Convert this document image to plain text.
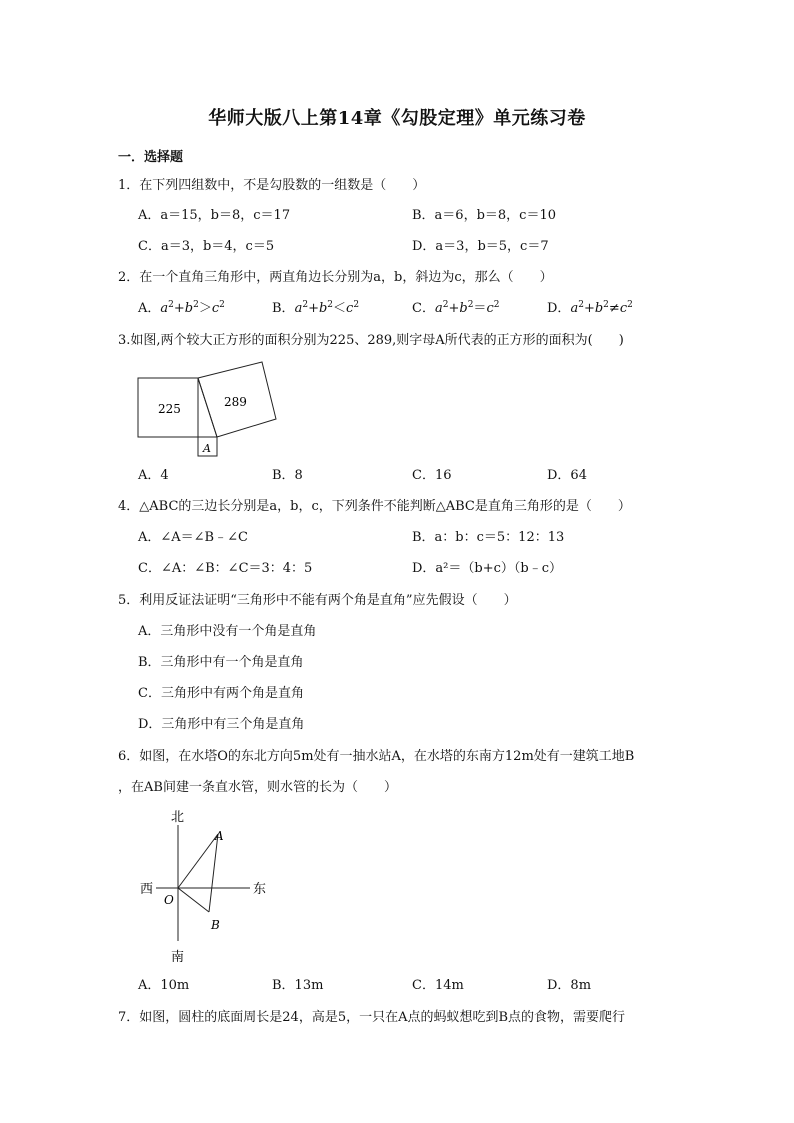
华师大版八上第14章《勾股定理》单元练习卷
一．选择题
1．在下列四组数中，不是勾股数的一组数是（　　）
A．a＝15，b＝8，c＝17	B．a＝6，b＝8，c＝10
C．a＝3，b＝4，c＝5	D．a＝3，b＝5，c＝7
2．在一个直角三角形中，两直角边长分别为a，b，斜边为c，那么（　　）
A．$a^2+b^2>c^2$	B．$a^2+b^2<c^2$	C．$a^2+b^2=c^2$	D．$a^2+b^2\ne c^2$
3.如图,两个较大正方形的面积分别为225、289,则字母A所代表的正方形的面积为(　　)
225	289
A
A．4	B．8	C．16	D．64
4．△ABC的三边长分别是a，b，c，下列条件不能判断△ABC是直角三角形的是（　　）
A．∠A＝∠B﹣∠C	B．a：b：c＝5：12：13
C．∠A：∠B：∠C＝3：4：5	D．a²＝（b+c）（b﹣c）
5．利用反证法证明“三角形中不能有两个角是直角”应先假设（　　）
A．三角形中没有一个角是直角
B．三角形中有一个角是直角
C．三角形中有两个角是直角
D．三角形中有三个角是直角
6．如图，在水塔O的东北方向5m处有一抽水站A，在水塔的东南方12m处有一建筑工地B
，在AB间建一条直水管，则水管的长为（　　）
北
南
西	东
O
A
B
A．10m	B．13m	C．14m	D．8m
7．如图，圆柱的底面周长是24，高是5，一只在A点的蚂蚁想吃到B点的食物，需要爬行
